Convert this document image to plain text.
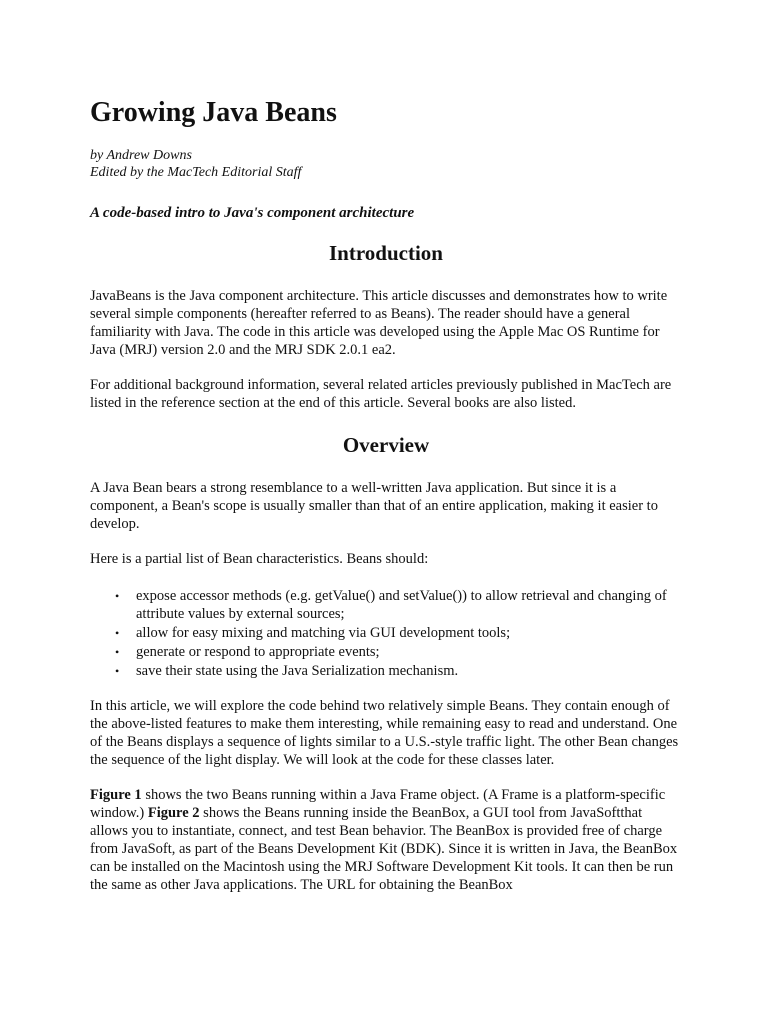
Growing Java Beans

by Andrew Downs

Edited by the MacTech Editorial Staff

A code-based intro to Java's component architecture

Introduction

JavaBeans is the Java component architecture. This article discusses and demonstrates how to write several simple components (hereafter referred to as Beans). The reader should have a general familiarity with Java. The code in this article was developed using the Apple Mac OS Runtime for Java (MRJ) version 2.0 and the MRJ SDK 2.0.1 ea2.

For additional background information, several related articles previously published in MacTech are listed in the reference section at the end of this article. Several books are also listed.

Overview

A Java Bean bears a strong resemblance to a well-written Java application. But since it is a component, a Bean's scope is usually smaller than that of an entire application, making it easier to develop.

Here is a partial list of Bean characteristics. Beans should:

• expose accessor methods (e.g. getValue() and setValue()) to allow retrieval and changing of attribute values by external sources;
• allow for easy mixing and matching via GUI development tools;
• generate or respond to appropriate events;
• save their state using the Java Serialization mechanism.

In this article, we will explore the code behind two relatively simple Beans. They contain enough of the above-listed features to make them interesting, while remaining easy to read and understand. One of the Beans displays a sequence of lights similar to a U.S.-style traffic light. The other Bean changes the sequence of the light display. We will look at the code for these classes later.

Figure 1 shows the two Beans running within a Java Frame object. (A Frame is a platform-specific window.) Figure 2 shows the Beans running inside the BeanBox, a GUI tool from JavaSoftthat allows you to instantiate, connect, and test Bean behavior. The BeanBox is provided free of charge from JavaSoft, as part of the Beans Development Kit (BDK). Since it is written in Java, the BeanBox can be installed on the Macintosh using the MRJ Software Development Kit tools. It can then be run the same as other Java applications. The URL for obtaining the BeanBox
